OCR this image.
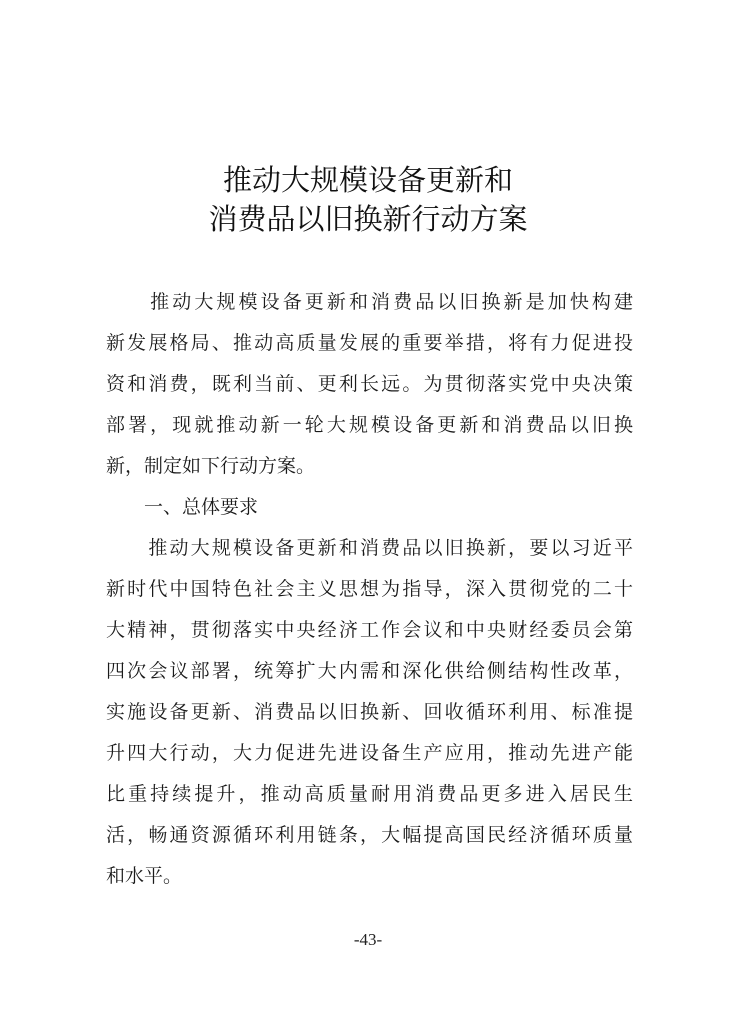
推动大规模设备更新和
消费品以旧换新行动方案
　　推动大规模设备更新和消费品以旧换新是加快构建
新发展格局、推动高质量发展的重要举措，将有力促进投
资和消费，既利当前、更利长远。为贯彻落实党中央决策
部署，现就推动新一轮大规模设备更新和消费品以旧换
新，制定如下行动方案。
　　一、总体要求
　　推动大规模设备更新和消费品以旧换新，要以习近平
新时代中国特色社会主义思想为指导，深入贯彻党的二十
大精神，贯彻落实中央经济工作会议和中央财经委员会第
四次会议部署，统筹扩大内需和深化供给侧结构性改革，
实施设备更新、消费品以旧换新、回收循环利用、标准提
升四大行动，大力促进先进设备生产应用，推动先进产能
比重持续提升，推动高质量耐用消费品更多进入居民生
活，畅通资源循环利用链条，大幅提高国民经济循环质量
和水平。
-43-
